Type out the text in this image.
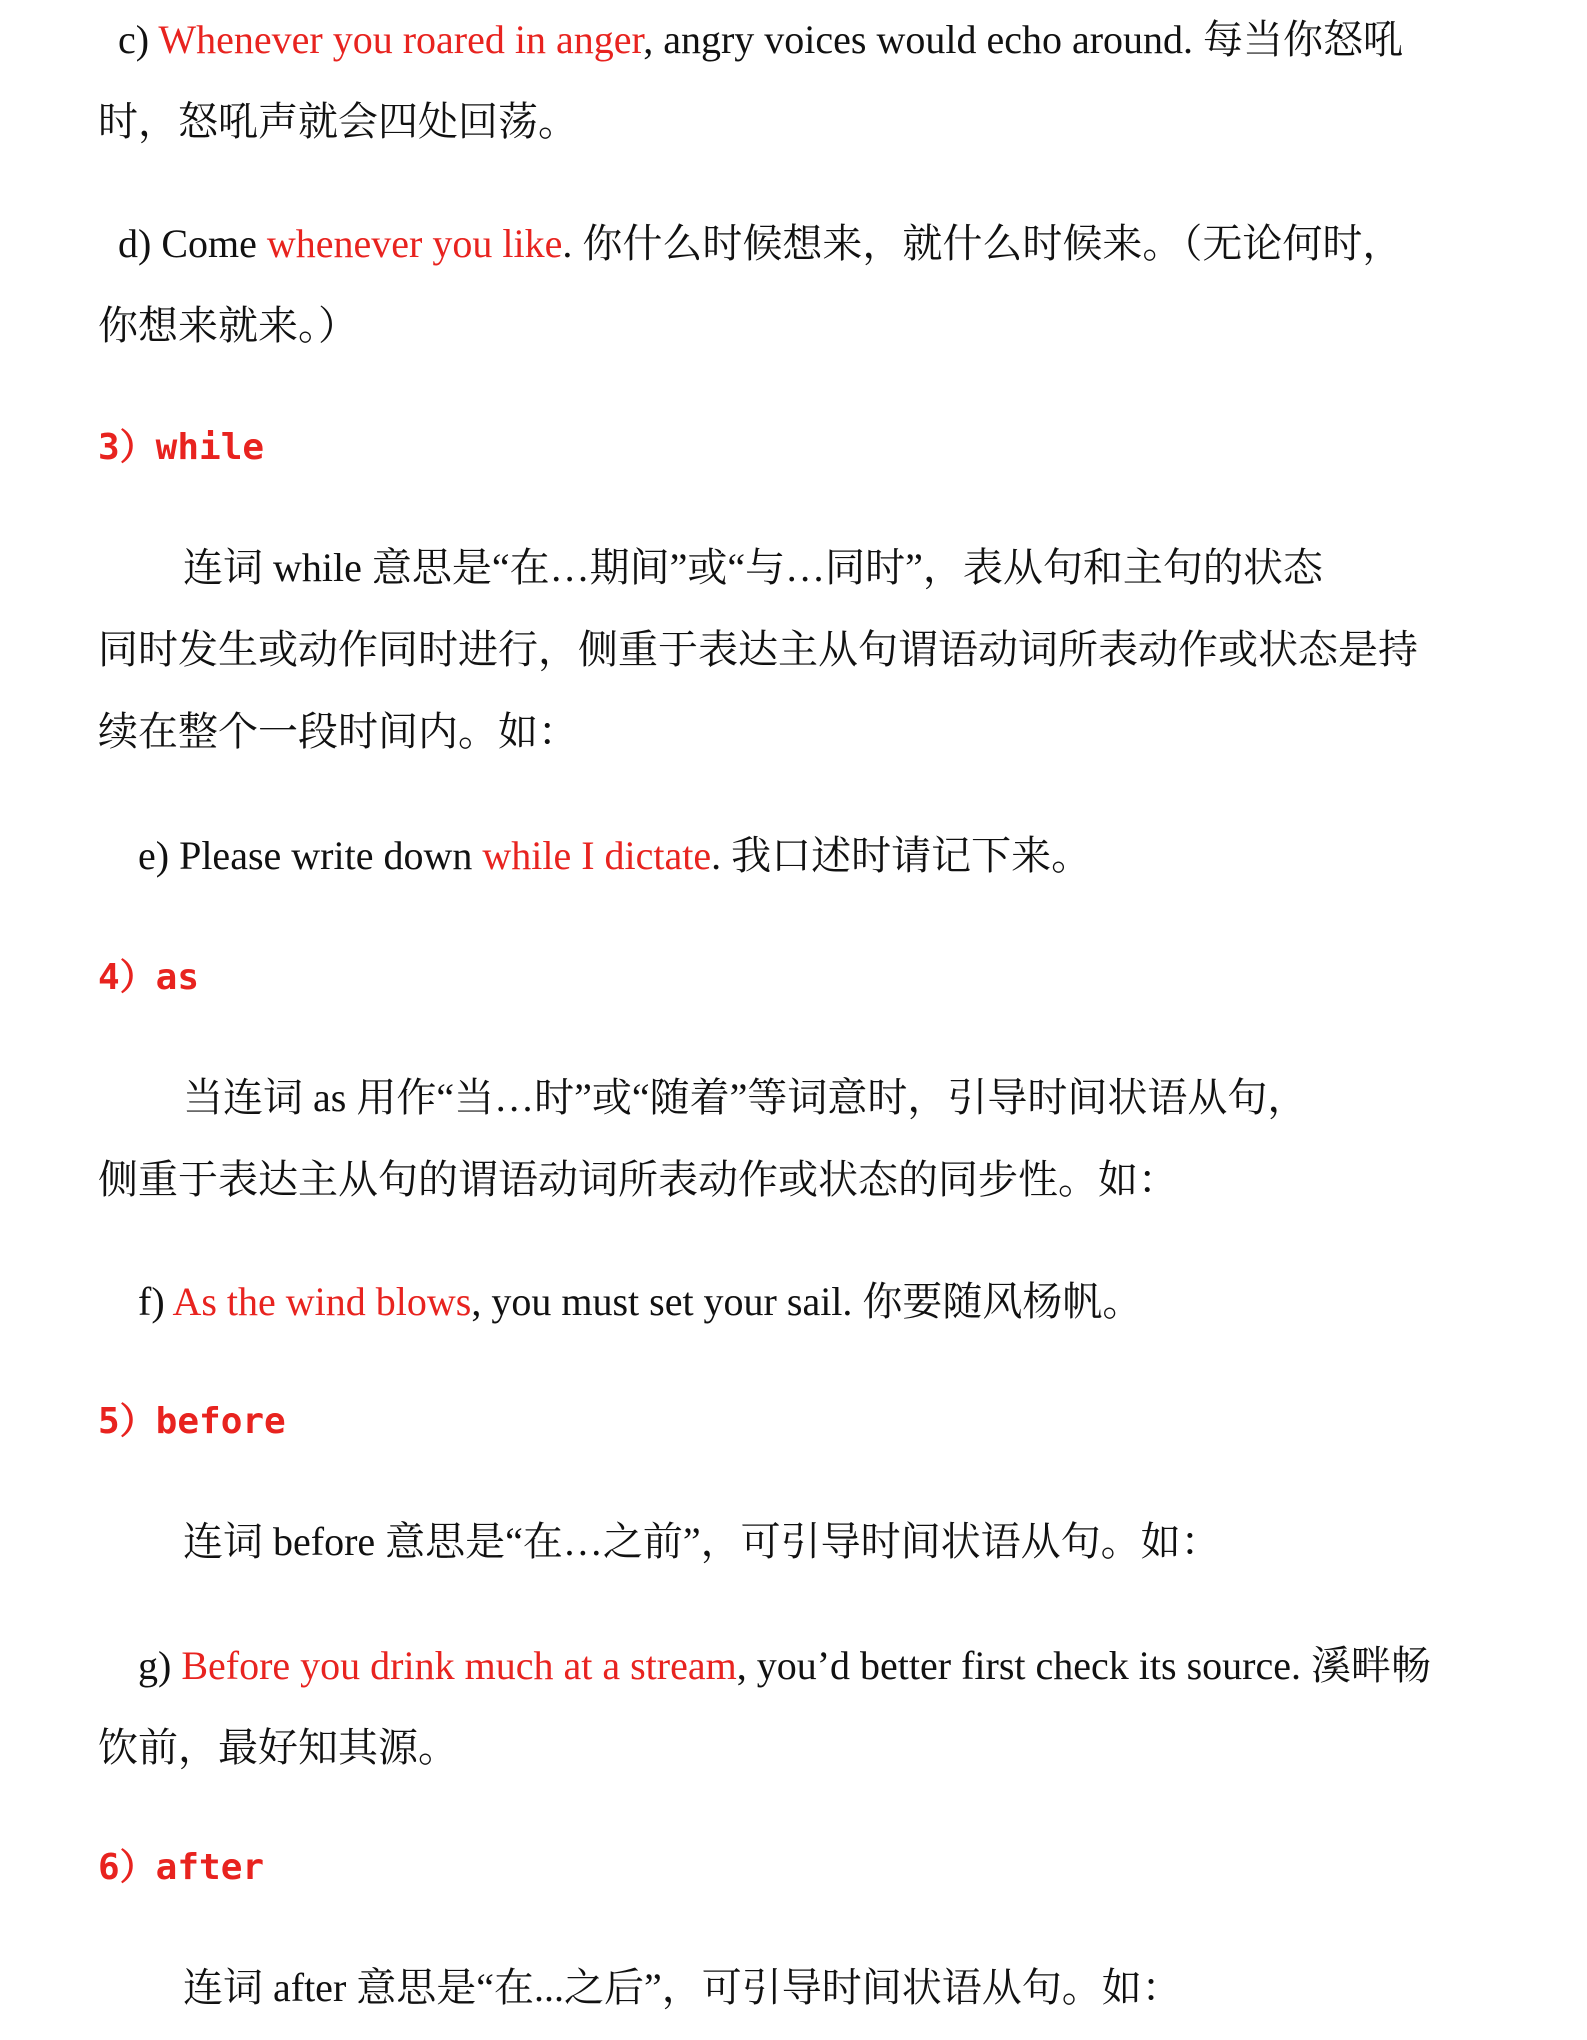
c) Whenever you roared in anger, angry voices would echo around. 每当你怒吼
时，怒吼声就会四处回荡。
d) Come whenever you like. 你什么时候想来，就什么时候来。（无论何时，
你想来就来。）
3）while
连词 while 意思是“在…期间”或“与…同时”，表从句和主句的状态
同时发生或动作同时进行，侧重于表达主从句谓语动词所表动作或状态是持
续在整个一段时间内。如：
e) Please write down while I dictate. 我口述时请记下来。
4）as
当连词 as 用作“当…时”或“随着”等词意时，引导时间状语从句，
侧重于表达主从句的谓语动词所表动作或状态的同步性。如：
f) As the wind blows, you must set your sail. 你要随风杨帆。
5）before
连词 before 意思是“在…之前”，可引导时间状语从句。如：
g) Before you drink much at a stream, you’d better first check its source. 溪畔畅
饮前，最好知其源。
6）after
连词 after 意思是“在...之后”，可引导时间状语从句。如：
